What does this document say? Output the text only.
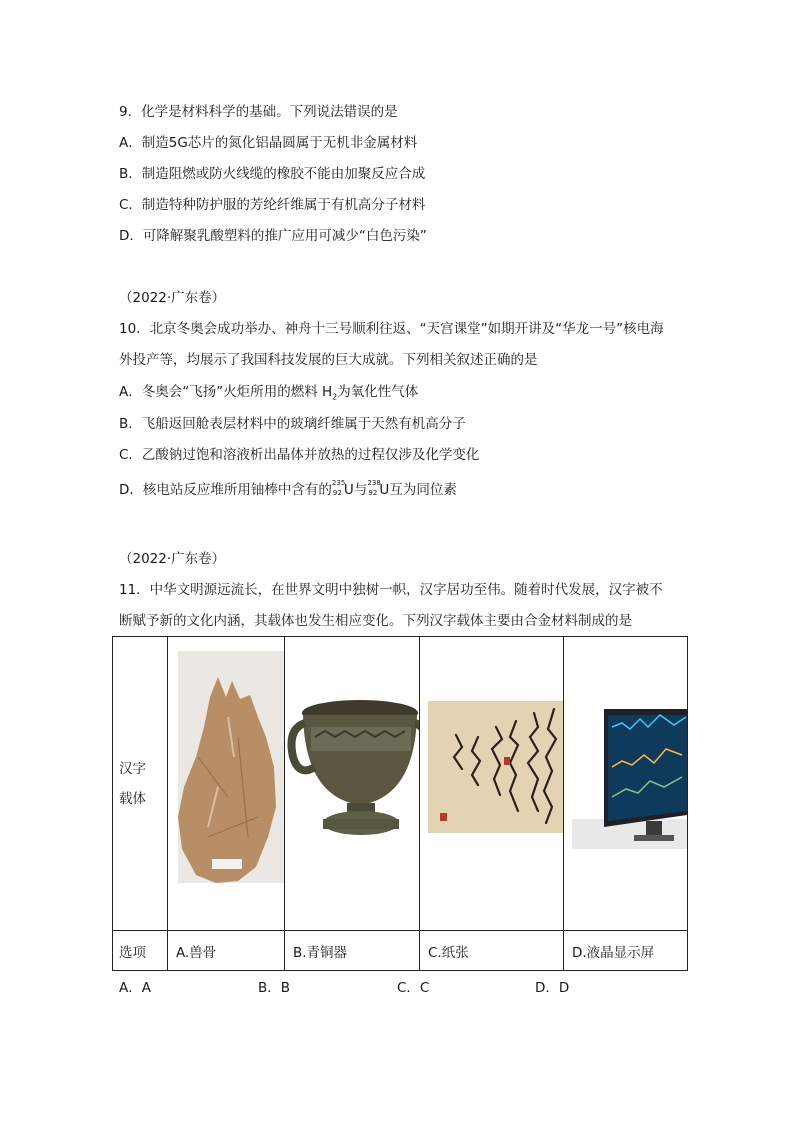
9．化学是材料科学的基础。下列说法错误的是
A．制造5G芯片的氮化铝晶圆属于无机非金属材料
B．制造阻燃或防火线缆的橡胶不能由加聚反应合成
C．制造特种防护服的芳纶纤维属于有机高分子材料
D．可降解聚乳酸塑料的推广应用可减少“白色污染”
（2022·广东卷）
10．北京冬奥会成功举办、神舟十三号顺利往返、“天宫课堂”如期开讲及“华龙一号”核电海
外投产等，均展示了我国科技发展的巨大成就。下列相关叙述正确的是
A．冬奥会“飞扬”火炬所用的燃料 $H_2$为氧化性气体
B．飞船返回舱表层材料中的玻璃纤维属于天然有机高分子
C．乙酸钠过饱和溶液析出晶体并放热的过程仅涉及化学变化
D．核电站反应堆所用铀棒中含有的 235
92 U 与 238
92 U 互为同位素
（2022·广东卷）
11．中华文明源远流长，在世界文明中独树一帜，汉字居功至伟。随着时代发展，汉字被不
断赋予新的文化内涵，其载体也发生相应变化。下列汉字载体主要由合金材料制成的是
汉字
载体

选项	A.兽骨	B.青铜器	C.纸张	D.液晶显示屏
A．A	B．B	C．C	D．D
